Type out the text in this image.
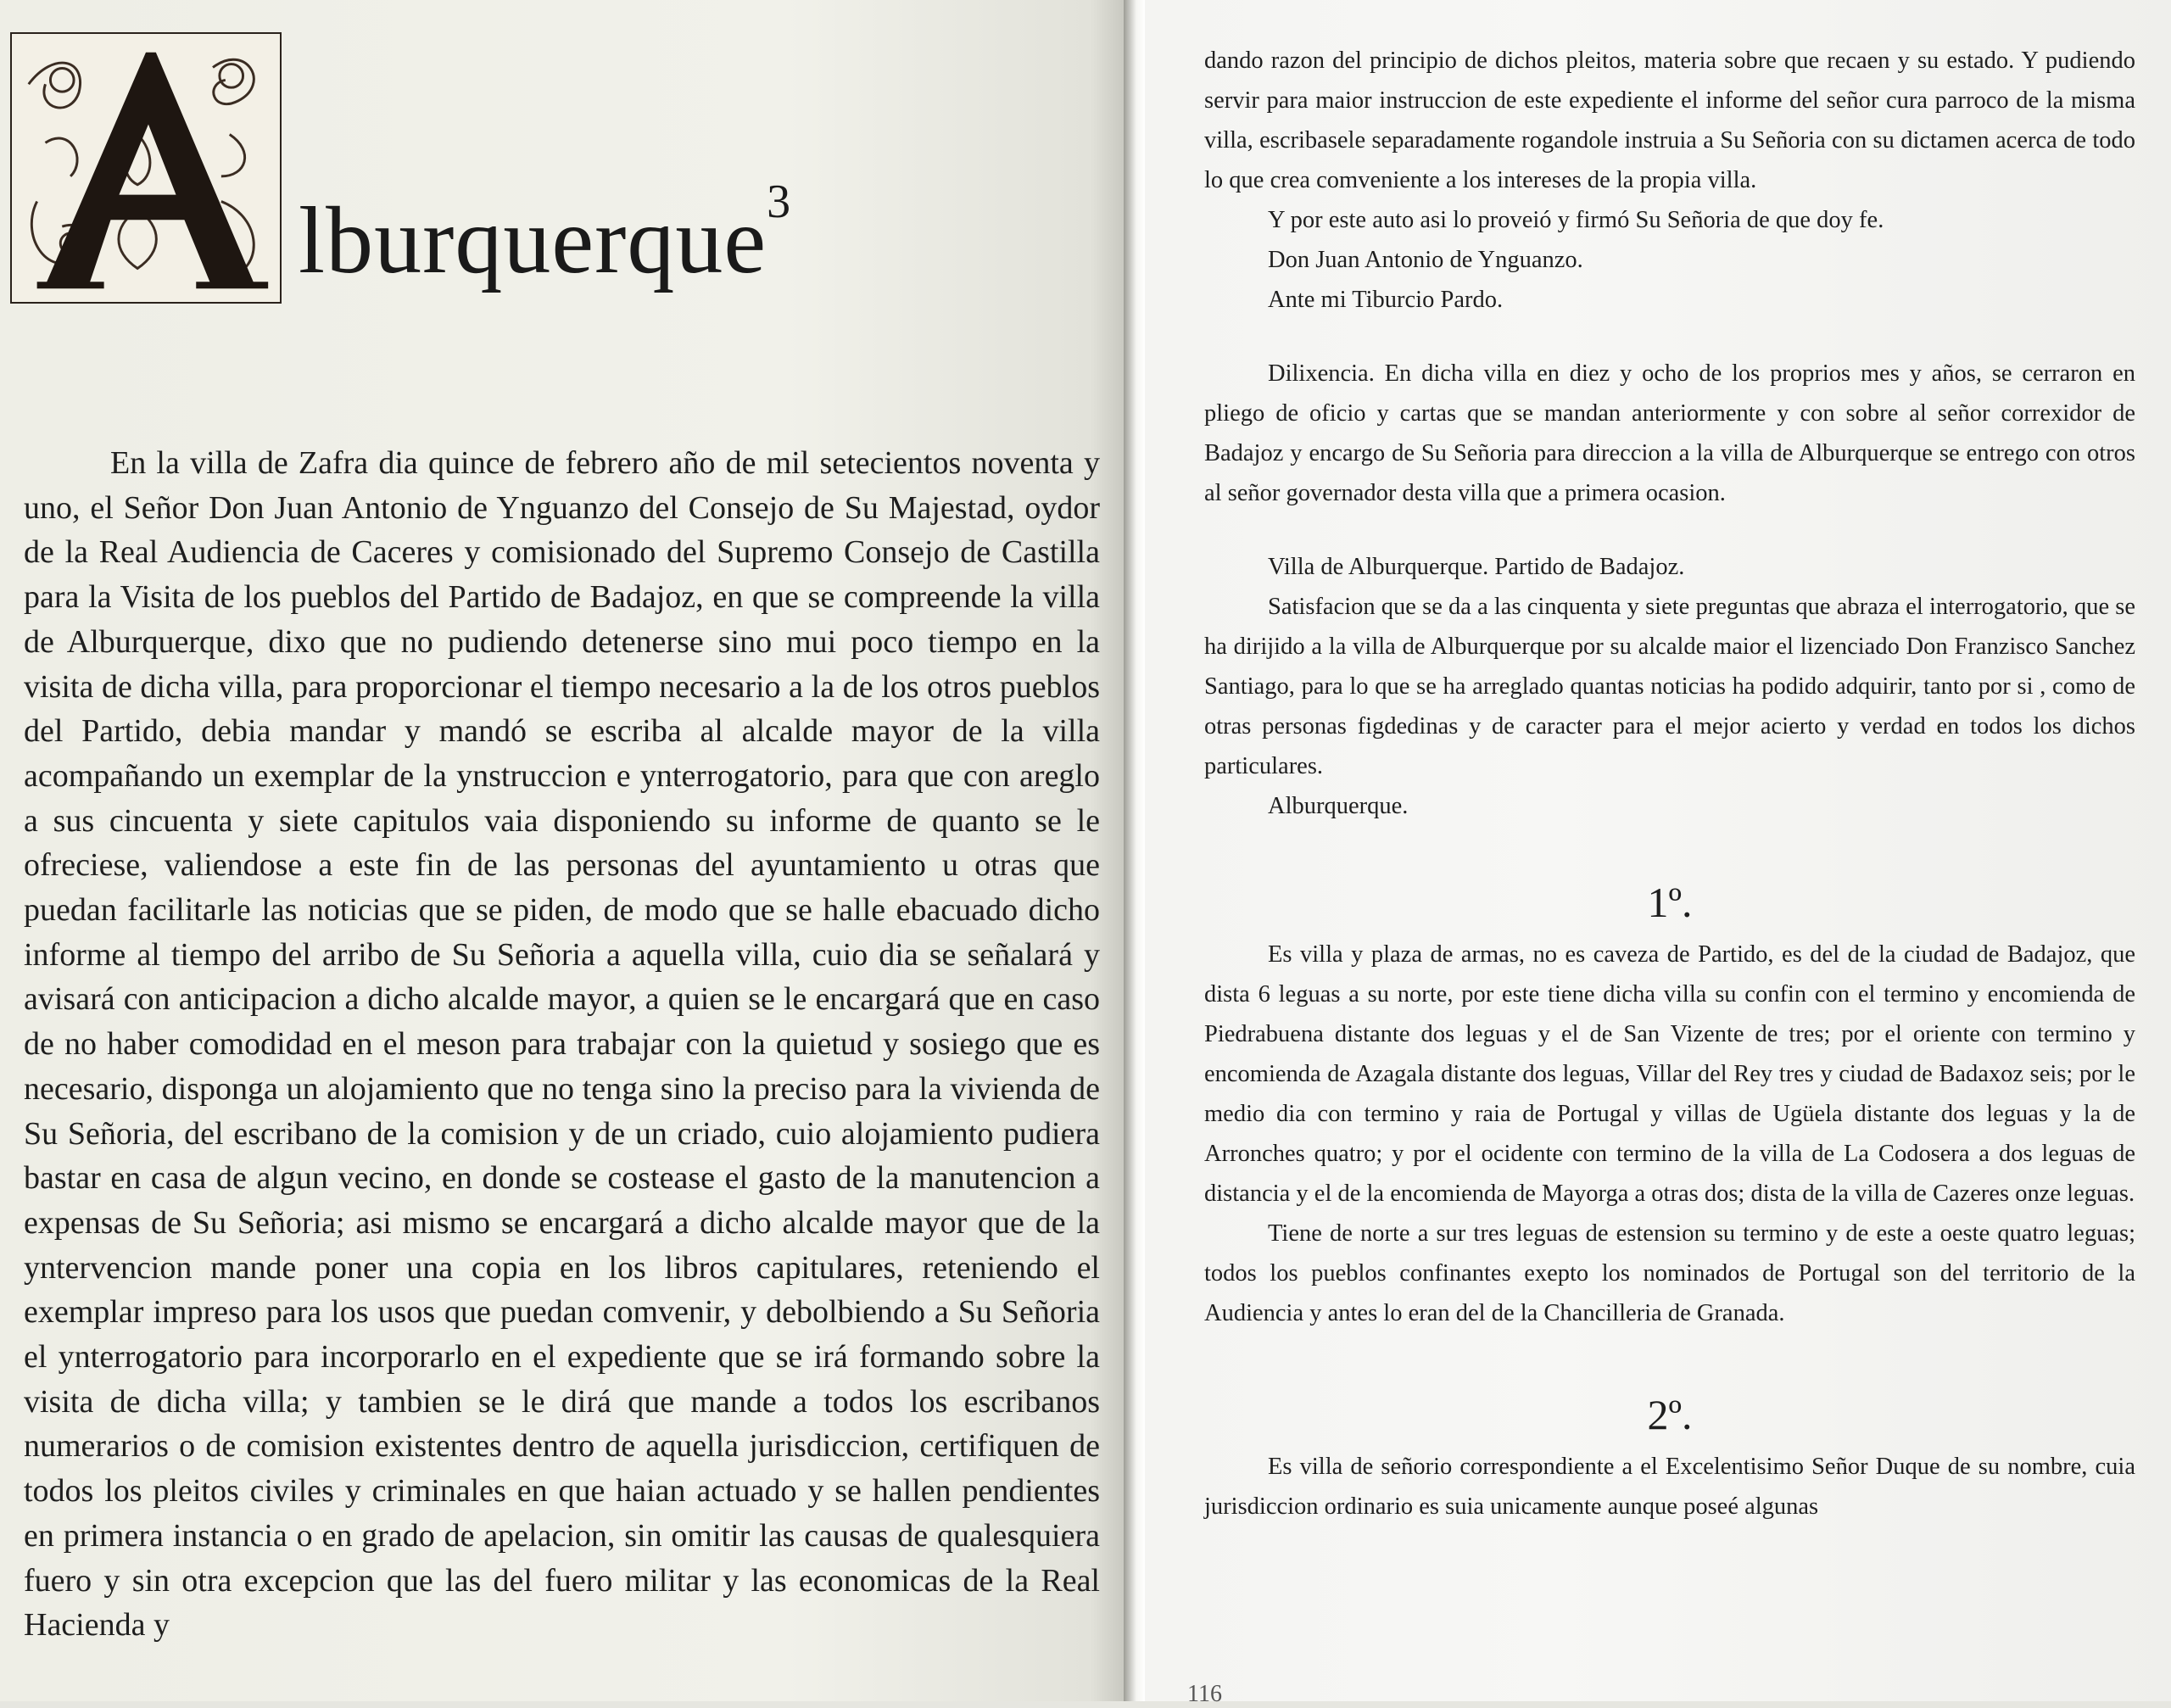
lburquerque$^3$

En la villa de Zafra dia quince de febrero año de mil setecientos noventa y uno, el Señor Don Juan Antonio de Ynguanzo del Consejo de Su Majestad, oydor de la Real Audiencia de Caceres y comisionado del Supremo Consejo de Castilla para la Visita de los pueblos del Partido de Badajoz, en que se compreende la villa de Alburquerque, dixo que no pudiendo detenerse sino mui poco tiempo en la visita de dicha villa, para proporcionar el tiempo necesario a la de los otros pueblos del Partido, debia mandar y mandó se escriba al alcalde mayor de la villa acompañando un exemplar de la ynstruccion e ynterrogatorio, para que con areglo a sus cincuenta y siete capitulos vaia disponiendo su informe de quanto se le ofreciese, valiendose a este fin de las personas del ayuntamiento u otras que puedan facilitarle las noticias que se piden, de modo que se halle ebacuado dicho informe al tiempo del arribo de Su Señoria a aquella villa, cuio dia se señalará y avisará con anticipacion a dicho alcalde mayor, a quien se le encargará que en caso de no haber comodidad en el meson para trabajar con la quietud y sosiego que es necesario, disponga un alojamiento que no tenga sino la preciso para la vivienda de Su Señoria, del escribano de la comision y de un criado, cuio alojamiento pudiera bastar en casa de algun vecino, en donde se costease el gasto de la manutencion a expensas de Su Señoria; asi mismo se encargará a dicho alcalde mayor que de la yntervencion mande poner una copia en los libros capitulares, reteniendo el exemplar impreso para los usos que puedan comvenir, y debolbiendo a Su Señoria el ynterrogatorio para incorporarlo en el expediente que se irá formando sobre la visita de dicha villa; y tambien se le dirá que mande a todos los escribanos numerarios o de comision existentes dentro de aquella jurisdiccion, certifiquen de todos los pleitos civiles y criminales en que haian actuado y se hallen pendientes en primera instancia o en grado de apelacion, sin omitir las causas de qualesquiera fuero y sin otra excepcion que las del fuero militar y las economicas de la Real Hacienda y

dando razon del principio de dichos pleitos, materia sobre que recaen y su estado. Y pudiendo servir para maior instruccion de este expediente el informe del señor cura parroco de la misma villa, escribasele separadamente rogandole instruia a Su Señoria con su dictamen acerca de todo lo que crea comveniente a los intereses de la propia villa.

Y por este auto asi lo proveió y firmó Su Señoria de que doy fe.

Don Juan Antonio de Ynguanzo.

Ante mi Tiburcio Pardo.

Dilixencia. En dicha villa en diez y ocho de los proprios mes y años, se cerraron en pliego de oficio y cartas que se mandan anteriormente y con sobre al señor correxidor de Badajoz y encargo de Su Señoria para direccion a la villa de Alburquerque se entrego con otros al señor governador desta villa que a primera ocasion.

Villa de Alburquerque. Partido de Badajoz.

Satisfacion que se da a las cinquenta y siete preguntas que abraza el interrogatorio, que se ha dirijido a la villa de Alburquerque por su alcalde maior el lizenciado Don Franzisco Sanchez Santiago, para lo que se ha arreglado quantas noticias ha podido adquirir, tanto por si , como de otras personas figdedinas y de caracter para el mejor acierto y verdad en todos los dichos particulares.

Alburquerque.

1º.

Es villa y plaza de armas, no es caveza de Partido, es del de la ciudad de Badajoz, que dista 6 leguas a su norte, por este tiene dicha villa su confin con el termino y encomienda de Piedrabuena distante dos leguas y el de San Vizente de tres; por el oriente con termino y encomienda de Azagala distante dos leguas, Villar del Rey tres y ciudad de Badaxoz seis; por le medio dia con termino y raia de Portugal y villas de Ugüela distante dos leguas y la de Arronches quatro; y por el ocidente con termino de la villa de La Codosera a dos leguas de distancia y el de la encomienda de Mayorga a otras dos; dista de la villa de Cazeres onze leguas.

Tiene de norte a sur tres leguas de estension su termino y de este a oeste quatro leguas; todos los pueblos confinantes exepto los nominados de Portugal son del territorio de la Audiencia y antes lo eran del de la Chancilleria de Granada.

2º.

Es villa de señorio correspondiente a el Excelentisimo Señor Duque de su nombre, cuia jurisdiccion ordinario es suia unicamente aunque poseé algunas

116
